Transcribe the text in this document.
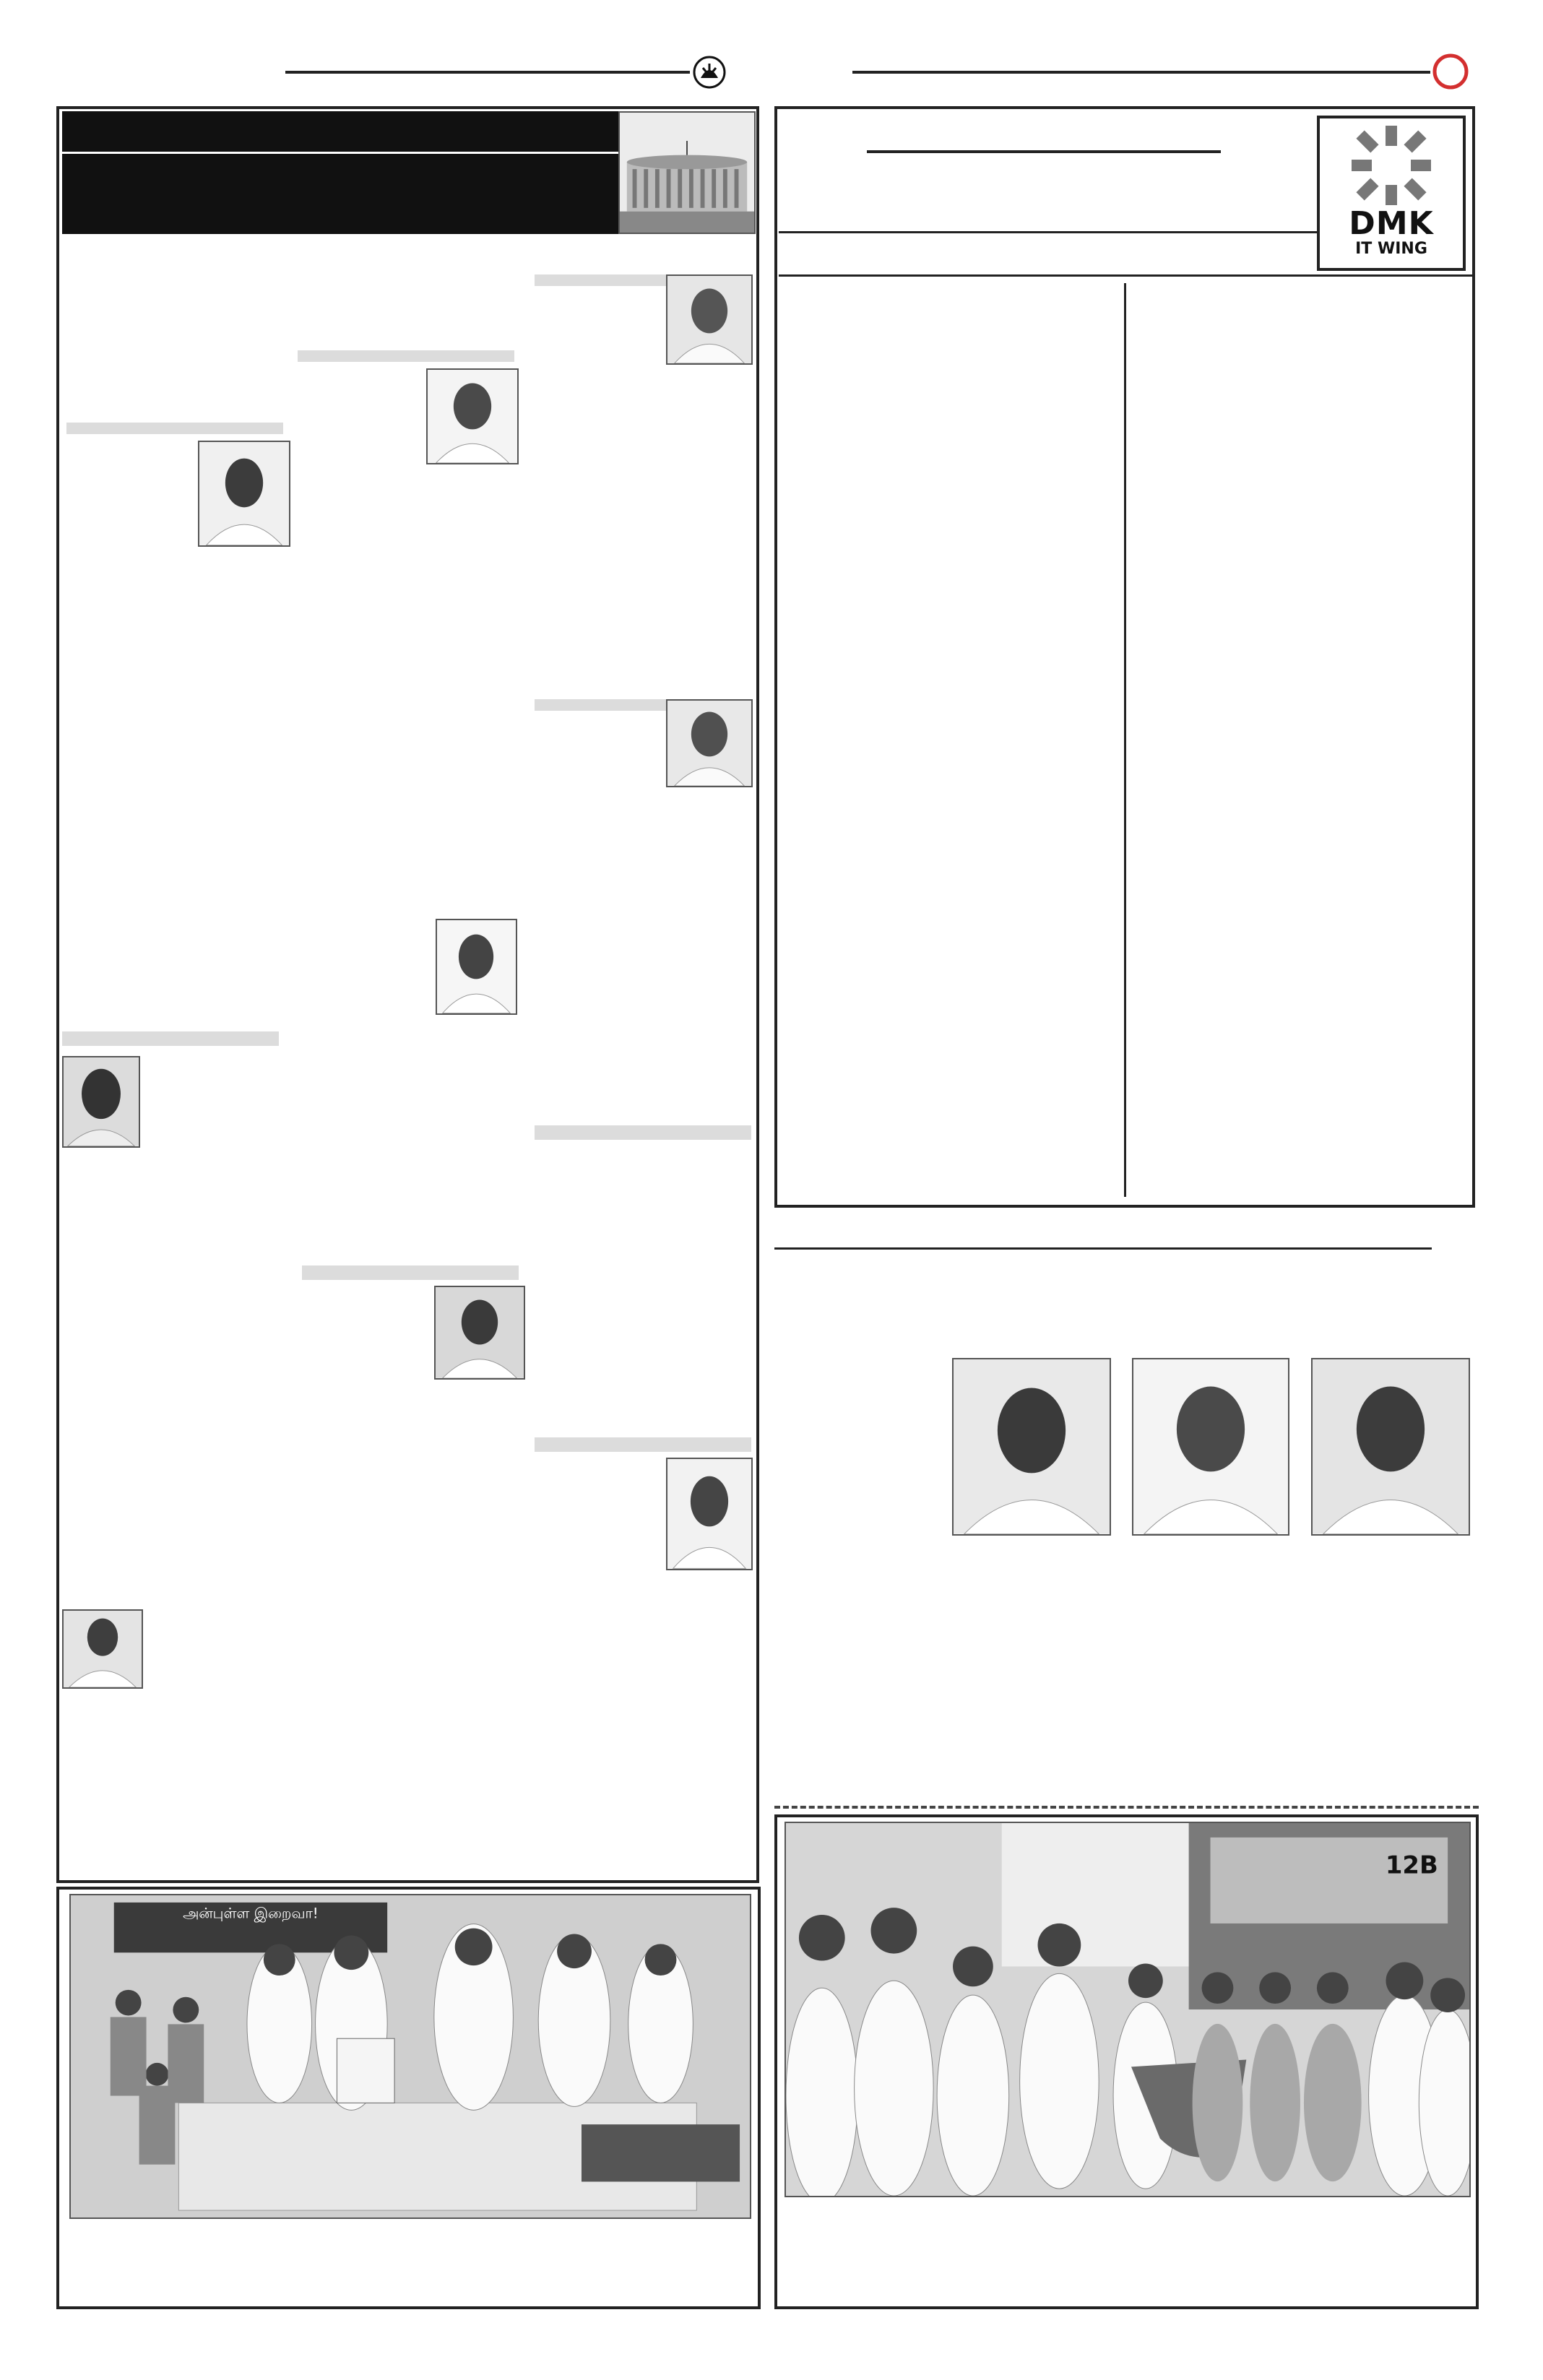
அன்புள்ள இறைவா!
DMK
IT WING
12B
